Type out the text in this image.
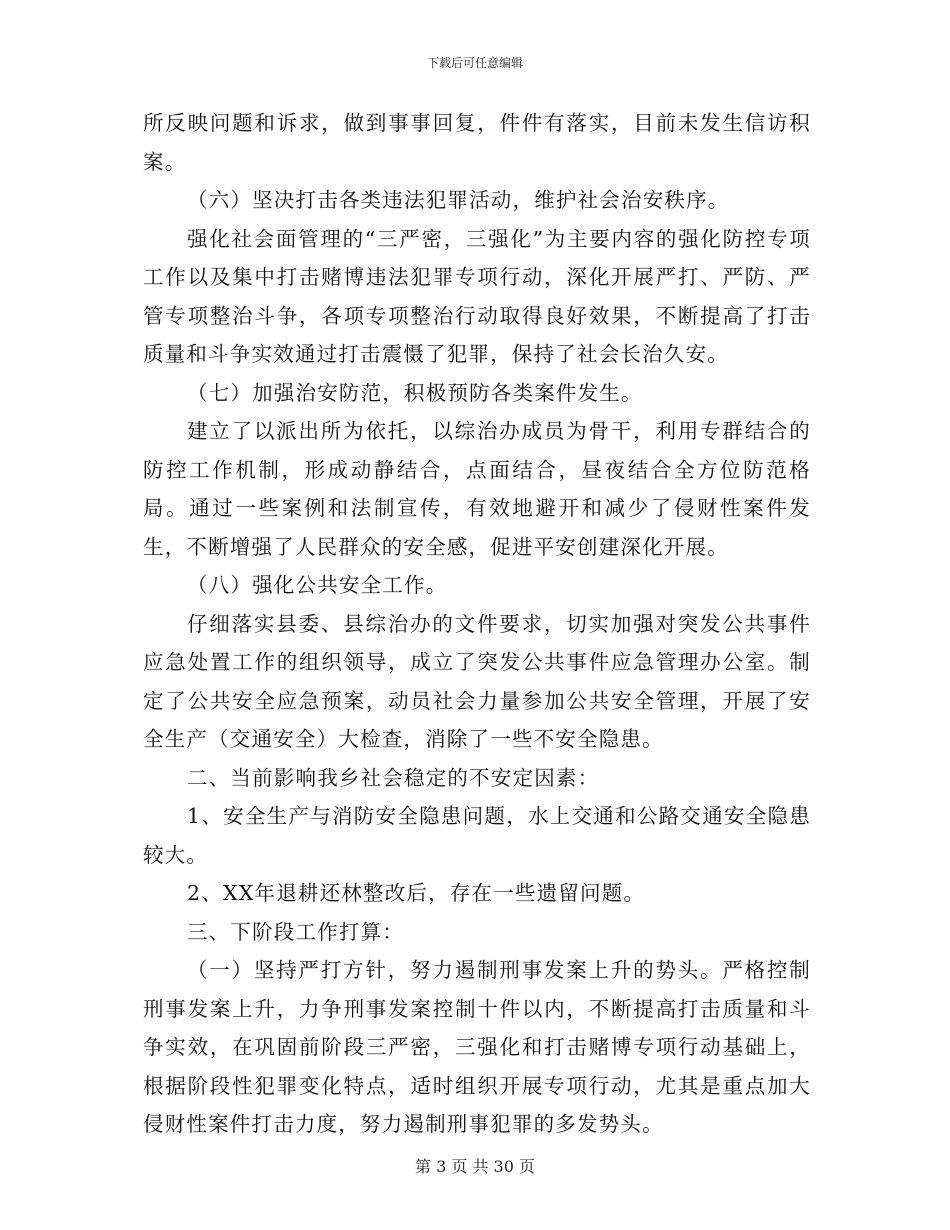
下载后可任意编辑

所反映问题和诉求，做到事事回复，件件有落实，目前未发生信访积案。

（六）坚决打击各类违法犯罪活动，维护社会治安秩序。

强化社会面管理的“三严密，三强化”为主要内容的强化防控专项工作以及集中打击赌博违法犯罪专项行动，深化开展严打、严防、严管专项整治斗争，各项专项整治行动取得良好效果，不断提高了打击质量和斗争实效通过打击震慑了犯罪，保持了社会长治久安。

（七）加强治安防范，积极预防各类案件发生。

建立了以派出所为依托，以综治办成员为骨干，利用专群结合的防控工作机制，形成动静结合，点面结合，昼夜结合全方位防范格局。通过一些案例和法制宣传，有效地避开和减少了侵财性案件发生，不断增强了人民群众的安全感，促进平安创建深化开展。

（八）强化公共安全工作。

仔细落实县委、县综治办的文件要求，切实加强对突发公共事件应急处置工作的组织领导，成立了突发公共事件应急管理办公室。制定了公共安全应急预案，动员社会力量参加公共安全管理，开展了安全生产（交通安全）大检查，消除了一些不安全隐患。

二、当前影响我乡社会稳定的不安定因素：

1、安全生产与消防安全隐患问题，水上交通和公路交通安全隐患较大。

2、XX年退耕还林整改后，存在一些遗留问题。

三、下阶段工作打算：

（一）坚持严打方针，努力遏制刑事发案上升的势头。严格控制刑事发案上升，力争刑事发案控制十件以内，不断提高打击质量和斗争实效，在巩固前阶段三严密，三强化和打击赌博专项行动基础上，根据阶段性犯罪变化特点，适时组织开展专项行动，尤其是重点加大侵财性案件打击力度，努力遏制刑事犯罪的多发势头。

第 3 页 共 30 页
